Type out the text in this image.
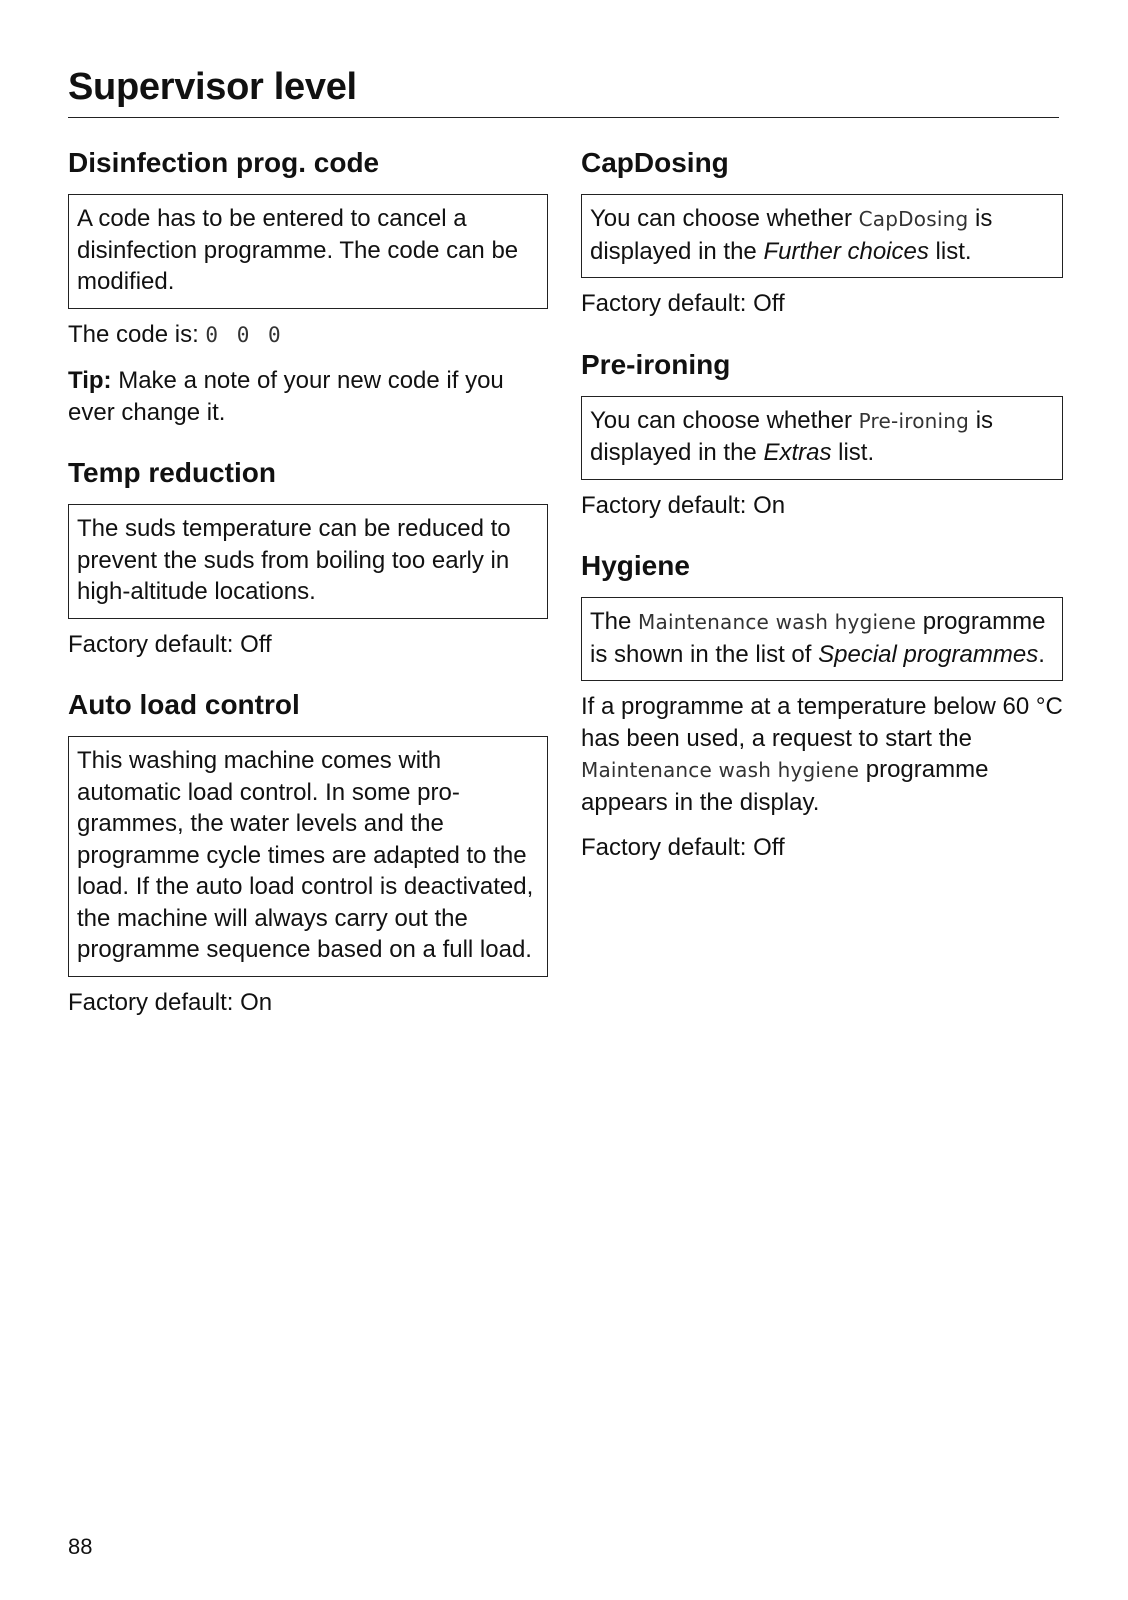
Supervisor level
Disinfection prog. code
A code has to be entered to cancel a disinfection programme. The code can be modified.

The code is: 0 0 0

Tip: Make a note of your new code if you ever change it.

Temp reduction
The suds temperature can be reduced to prevent the suds from boiling too early in high-altitude locations.

Factory default: Off

Auto load control
This washing machine comes with automatic load control. In some programmes, the water levels and the programme cycle times are adapted to the load. If the auto load control is deactivated, the machine will always carry out the programme sequence based on a full load.

Factory default: On

CapDosing
You can choose whether CapDosing is displayed in the Further choices list.

Factory default: Off

Pre-ironing
You can choose whether Pre-ironing is displayed in the Extras list.

Factory default: On

Hygiene
The Maintenance wash hygiene programme is shown in the list of Special programmes.

If a programme at a temperature below 60 °C has been used, a request to start the Maintenance wash hygiene programme appears in the display.

Factory default: Off

88
